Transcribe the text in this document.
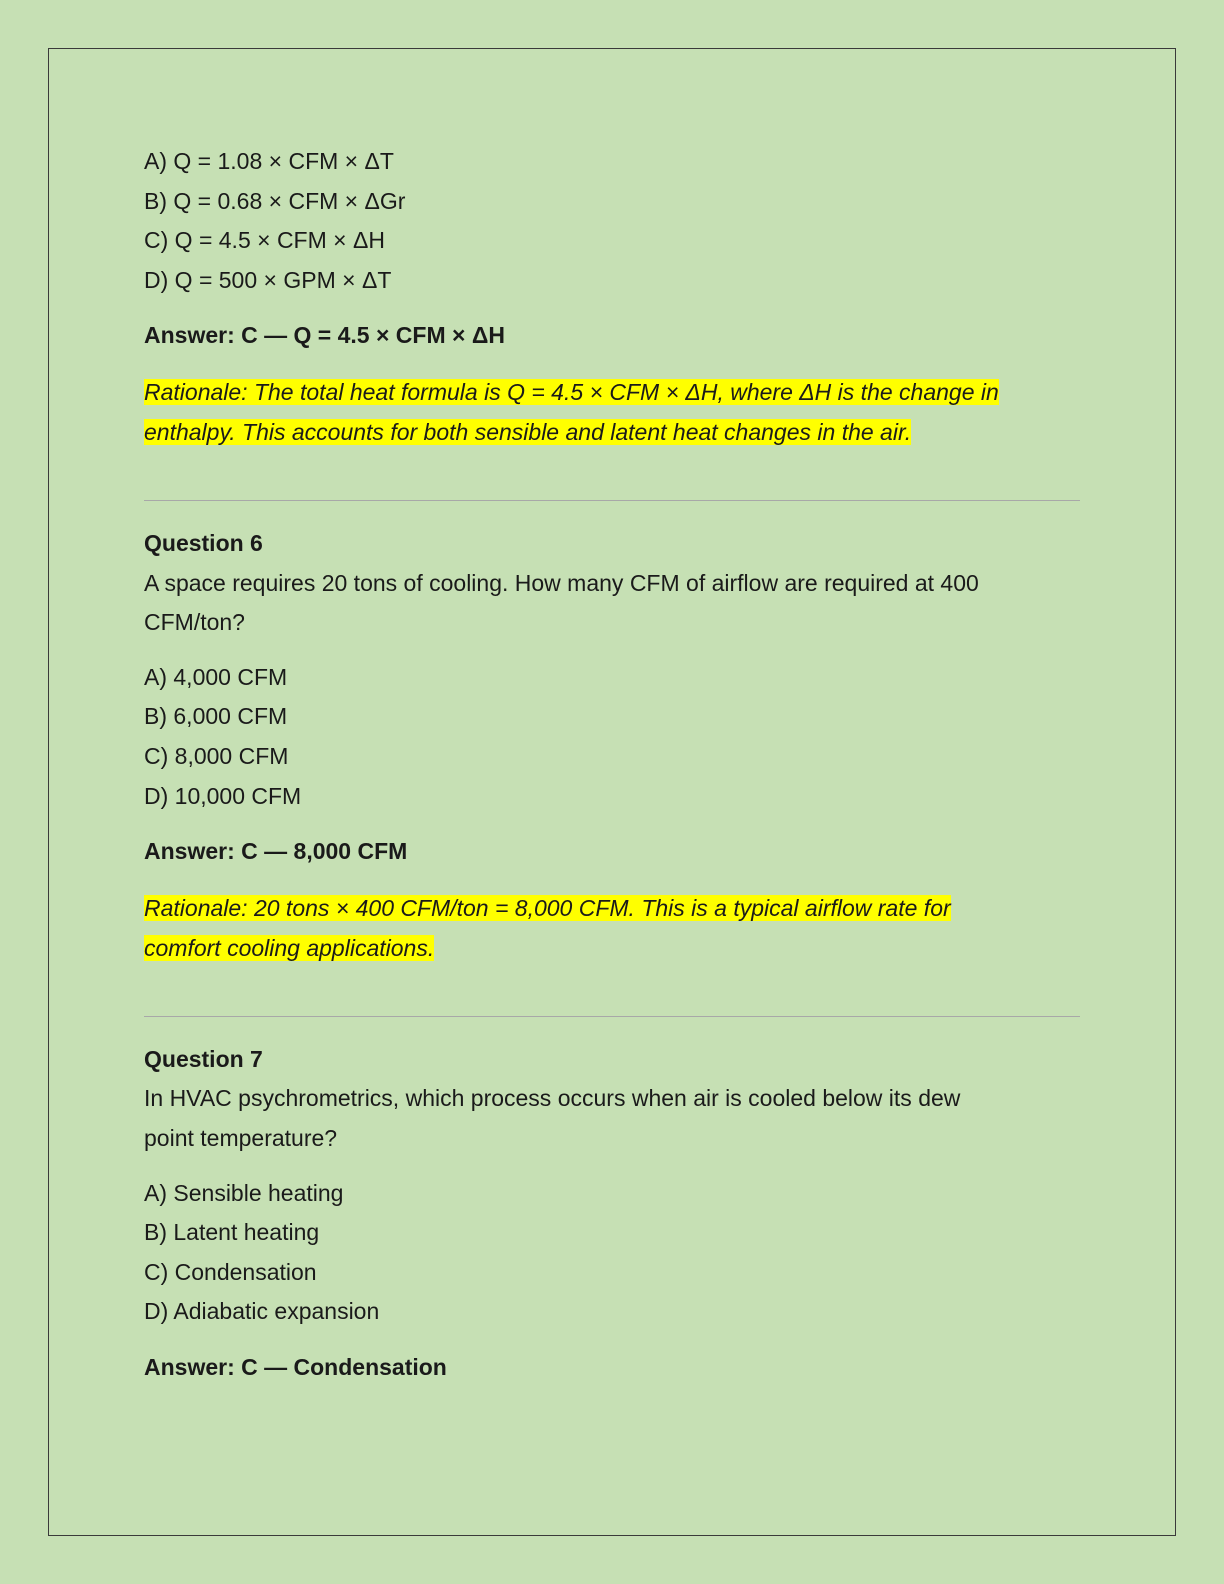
A) Q = 1.08 × CFM × ΔT
B) Q = 0.68 × CFM × ΔGr
C) Q = 4.5 × CFM × ΔH
D) Q = 500 × GPM × ΔT

Answer: C — Q = 4.5 × CFM × ΔH

Rationale: The total heat formula is Q = 4.5 × CFM × ΔH, where ΔH is the change in
enthalpy. This accounts for both sensible and latent heat changes in the air.

Question 6

A space requires 20 tons of cooling. How many CFM of airflow are required at 400
CFM/ton?

A) 4,000 CFM
B) 6,000 CFM
C) 8,000 CFM
D) 10,000 CFM

Answer: C — 8,000 CFM

Rationale: 20 tons × 400 CFM/ton = 8,000 CFM. This is a typical airflow rate for
comfort cooling applications.

Question 7

In HVAC psychrometrics, which process occurs when air is cooled below its dew
point temperature?

A) Sensible heating
B) Latent heating
C) Condensation
D) Adiabatic expansion

Answer: C — Condensation
